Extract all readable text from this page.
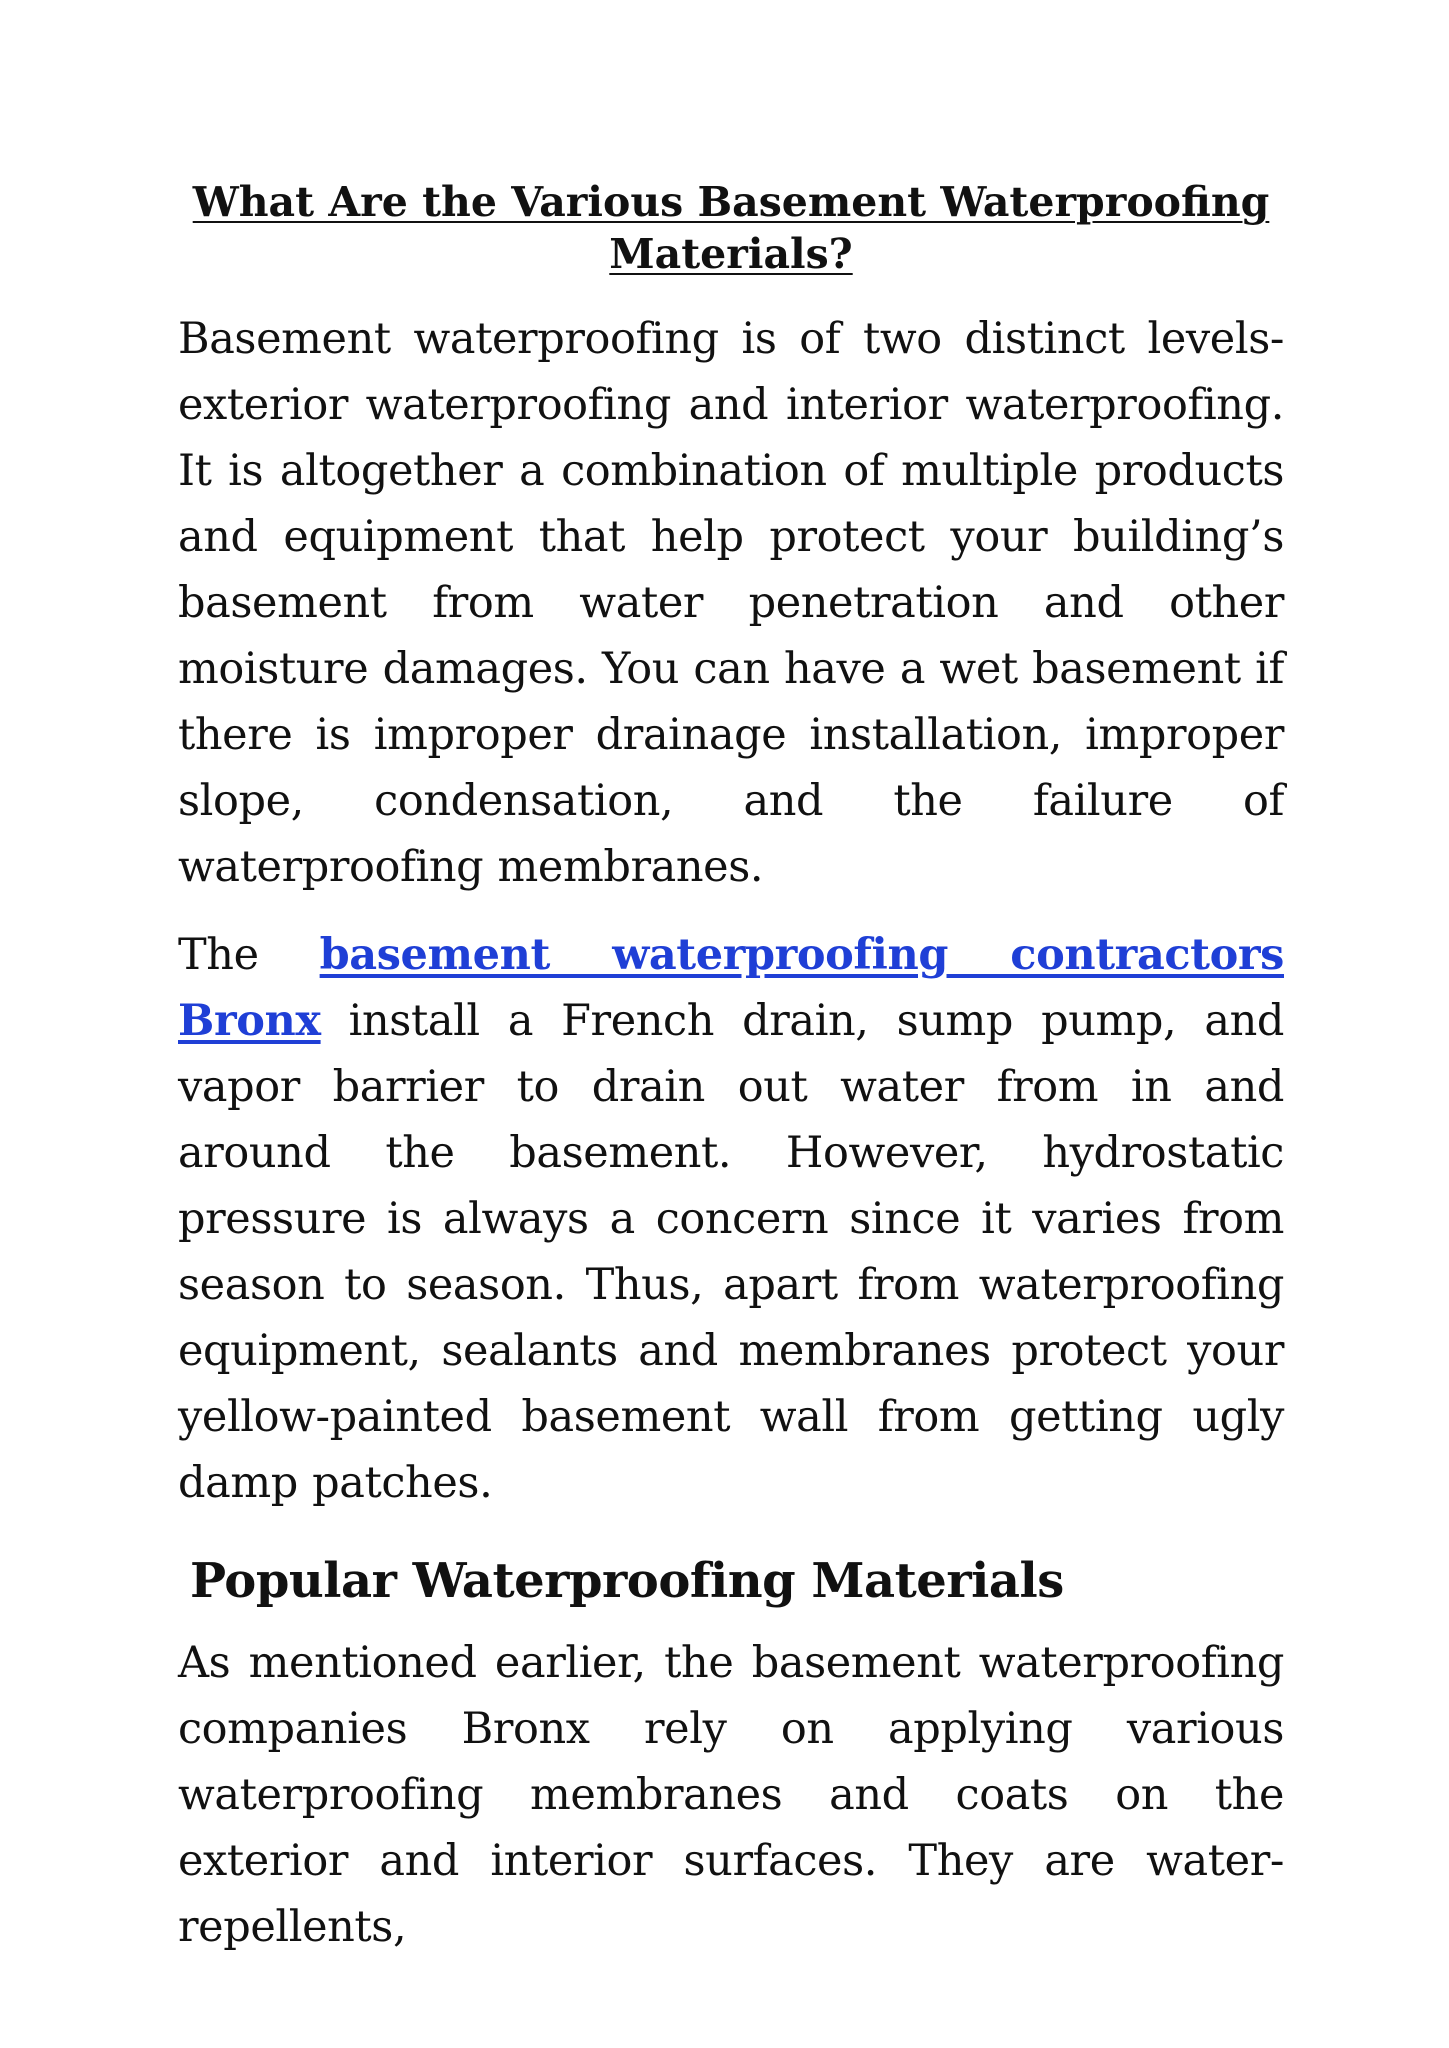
What Are the Various Basement Waterproofing Materials?

Basement waterproofing is of two distinct levels- exterior waterproofing and interior waterproofing. It is altogether a combination of multiple products and equipment that help protect your building’s basement from water penetration and other moisture damages. You can have a wet basement if there is improper drainage installation, improper slope, condensation, and the failure of waterproofing membranes.

The basement waterproofing contractors Bronx install a French drain, sump pump, and vapor barrier to drain out water from in and around the basement. However, hydrostatic pressure is always a concern since it varies from season to season. Thus, apart from waterproofing equipment, sealants and membranes protect your yellow-painted basement wall from getting ugly damp patches.

Popular Waterproofing Materials

As mentioned earlier, the basement waterproofing companies Bronx rely on applying various waterproofing membranes and coats on the exterior and interior surfaces. They are water-repellents,
